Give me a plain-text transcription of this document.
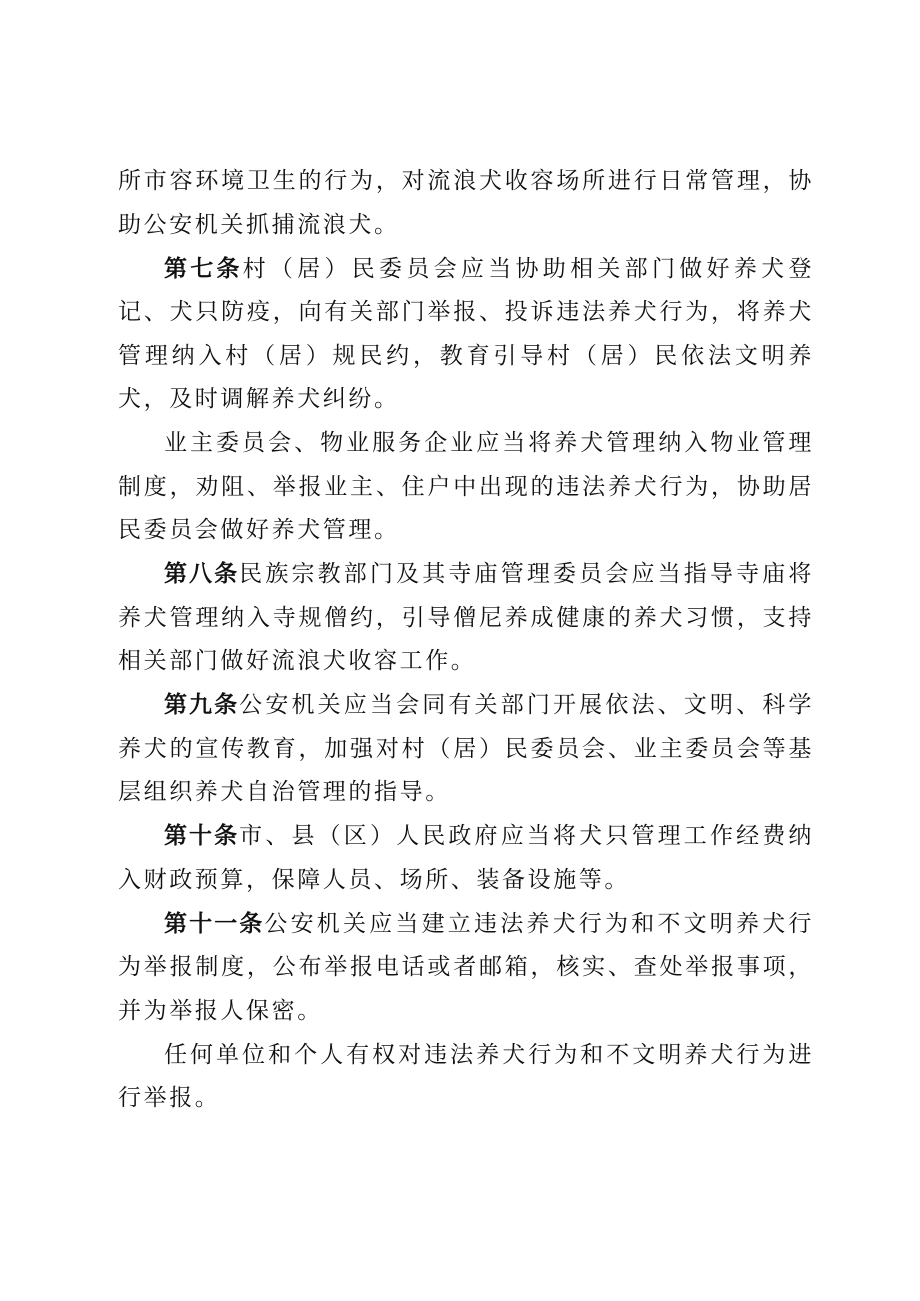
所市容环境卫生的行为，对流浪犬收容场所进行日常管理，协助公安机关抓捕流浪犬。

第七条村（居）民委员会应当协助相关部门做好养犬登记、犬只防疫，向有关部门举报、投诉违法养犬行为，将养犬管理纳入村（居）规民约，教育引导村（居）民依法文明养犬，及时调解养犬纠纷。

业主委员会、物业服务企业应当将养犬管理纳入物业管理制度，劝阻、举报业主、住户中出现的违法养犬行为，协助居民委员会做好养犬管理。

第八条民族宗教部门及其寺庙管理委员会应当指导寺庙将养犬管理纳入寺规僧约，引导僧尼养成健康的养犬习惯，支持相关部门做好流浪犬收容工作。

第九条公安机关应当会同有关部门开展依法、文明、科学养犬的宣传教育，加强对村（居）民委员会、业主委员会等基层组织养犬自治管理的指导。

第十条市、县（区）人民政府应当将犬只管理工作经费纳入财政预算，保障人员、场所、装备设施等。

第十一条公安机关应当建立违法养犬行为和不文明养犬行为举报制度，公布举报电话或者邮箱，核实、查处举报事项，并为举报人保密。

任何单位和个人有权对违法养犬行为和不文明养犬行为进行举报。
